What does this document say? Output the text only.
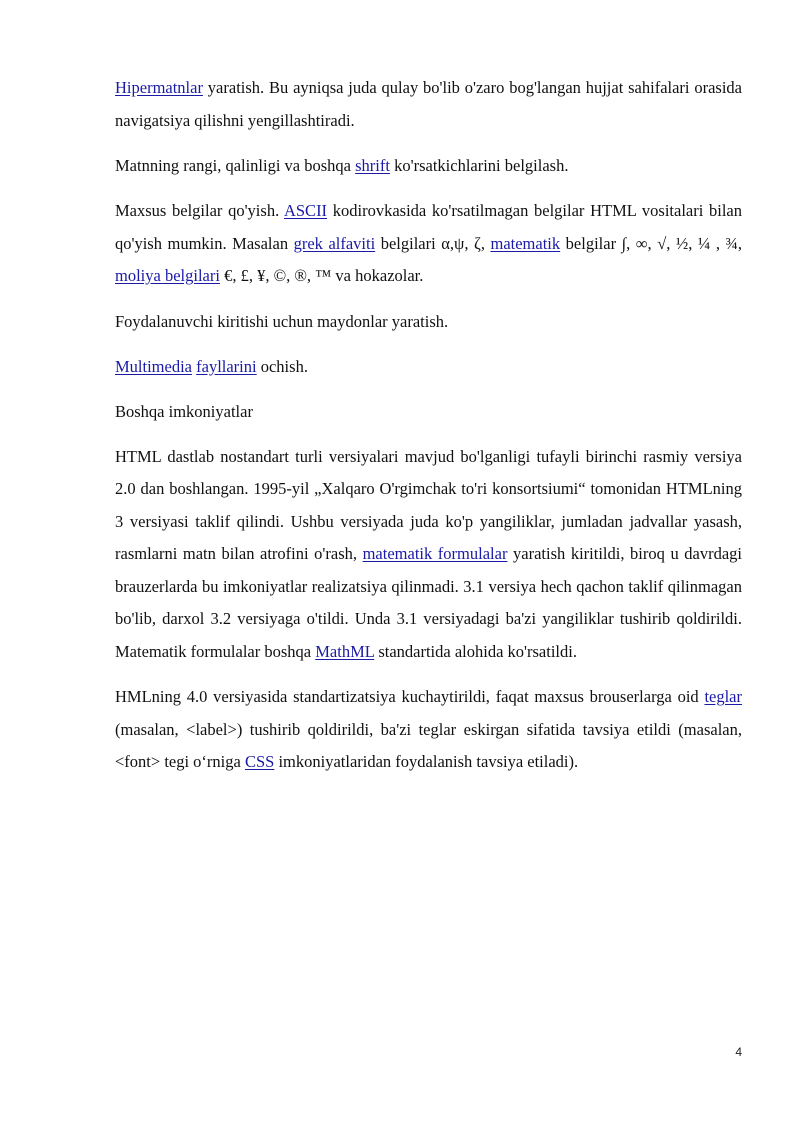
Hipermatnlar yaratish. Bu ayniqsa juda qulay bo'lib o'zaro bog'langan hujjat sahifalari orasida navigatsiya qilishni yengillashtiradi.

Matnning rangi, qalinligi va boshqa shrift ko'rsatkichlarini belgilash.

Maxsus belgilar qo'yish. ASCII kodirovkasida ko'rsatilmagan belgilar HTML vositalari bilan qo'yish mumkin. Masalan grek alfaviti belgilari α,ψ, ζ, matematik belgilar ∫, ∞, √, ½, ¼ , ¾, moliya belgilari €, £, ¥, ©, ®, ™ va hokazolar.

Foydalanuvchi kiritishi uchun maydonlar yaratish.

Multimedia fayllarini ochish.

Boshqa imkoniyatlar

HTML dastlab nostandart turli versiyalari mavjud bo'lganligi tufayli birinchi rasmiy versiya 2.0 dan boshlangan. 1995-yil „Xalqaro O'rgimchak to'ri konsortsiumi“ tomonidan HTMLning 3 versiyasi taklif qilindi. Ushbu versiyada juda ko'p yangiliklar, jumladan jadvallar yasash, rasmlarni matn bilan atrofini o'rash, matematik formulalar yaratish kiritildi, biroq u davrdagi brauzerlarda bu imkoniyatlar realizatsiya qilinmadi. 3.1 versiya hech qachon taklif qilinmagan bo'lib, darxol 3.2 versiyaga o'tildi. Unda 3.1 versiyadagi ba'zi yangiliklar tushirib qoldirildi. Matematik formulalar boshqa MathML standartida alohida ko'rsatildi.

HMLning 4.0 versiyasida standartizatsiya kuchaytirildi, faqat maxsus brouserlarga oid teglar (masalan, <label>) tushirib qoldirildi, ba'zi teglar eskirgan sifatida tavsiya etildi (masalan, <font> tegi o‘rniga CSS imkoniyatlaridan foydalanish tavsiya etiladi).

4
